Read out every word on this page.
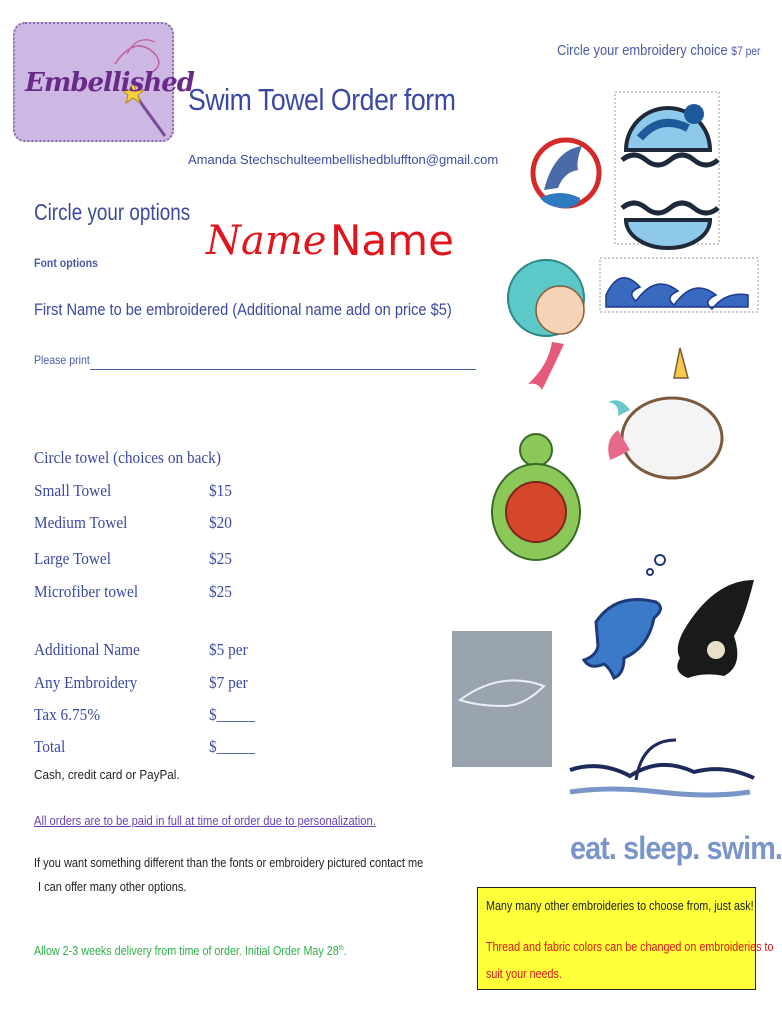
Embellished
Swim Towel Order form
Amanda Stechschulte embellishedbluffton@gmail.com
Circle your embroidery choice $7 per
Circle your options
Font options	Name Name
First Name to be embroidered (Additional name add on price $5)
Please print
Circle towel (choices on back)
Small Towel	$15
Medium Towel	$20
Large Towel	$25
Microfiber towel	$25
Additional Name	$5 per
Any Embroidery	$7 per
Tax 6.75%	$_____
Total	$_____
Cash, credit card or PayPal.
All orders are to be paid in full at time of order due to personalization.
If you want something different than the fonts or embroidery pictured contact me
I can offer many other options.
Allow 2-3 weeks delivery from time of order. Initial Order May 28th.
Many many other embroideries to choose from, just ask!
Thread and fabric colors can be changed on embroideries to
suit your needs.
eat. sleep. swim.
